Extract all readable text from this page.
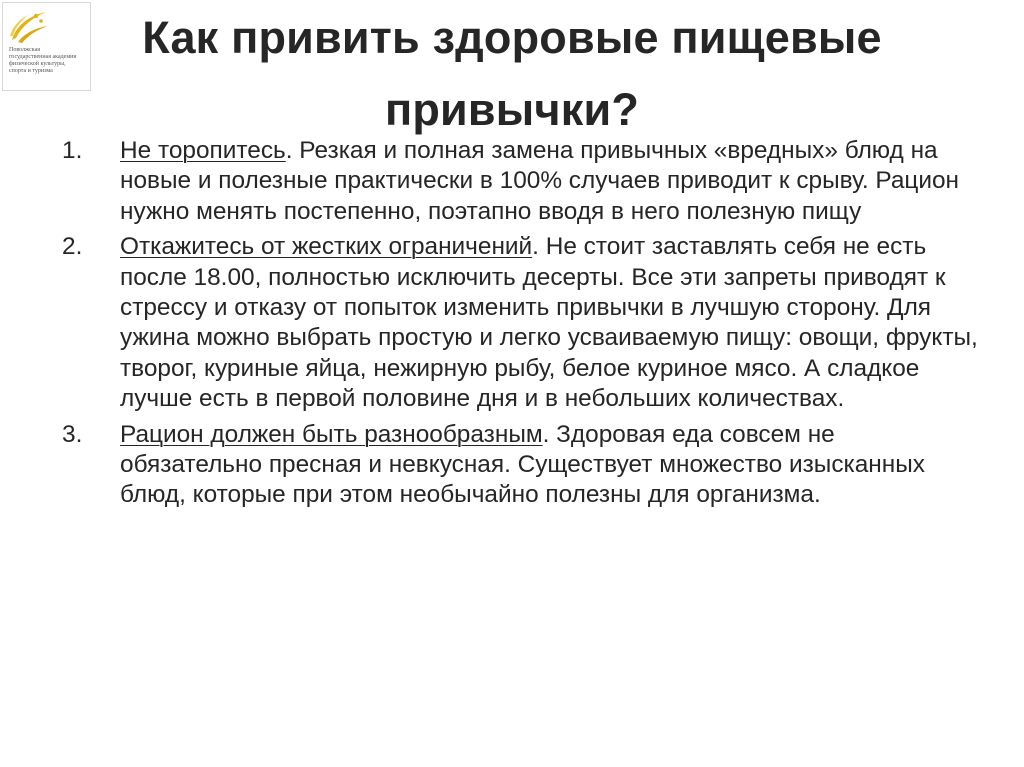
Поволжская
государственная академия
физической культуры,
спорта и туризма
Как привить здоровые пищевые
привычки?
1. Не торопитесь. Резкая и полная замена привычных «вредных» блюд на новые и полезные практически в 100% случаев приводит к срыву. Рацион нужно менять постепенно, поэтапно вводя в него полезную пищу
2. Откажитесь от жестких ограничений. Не стоит заставлять себя не есть после 18.00, полностью исключить десерты. Все эти запреты приводят к стрессу и отказу от попыток изменить привычки в лучшую сторону. Для ужина можно выбрать простую и легко усваиваемую пищу: овощи, фрукты, творог, куриные яйца, нежирную рыбу, белое куриное мясо. А сладкое лучше есть в первой половине дня и в небольших количествах.
3. Рацион должен быть разнообразным. Здоровая еда совсем не обязательно пресная и невкусная. Существует множество изысканных блюд, которые при этом необычайно полезны для организма.
